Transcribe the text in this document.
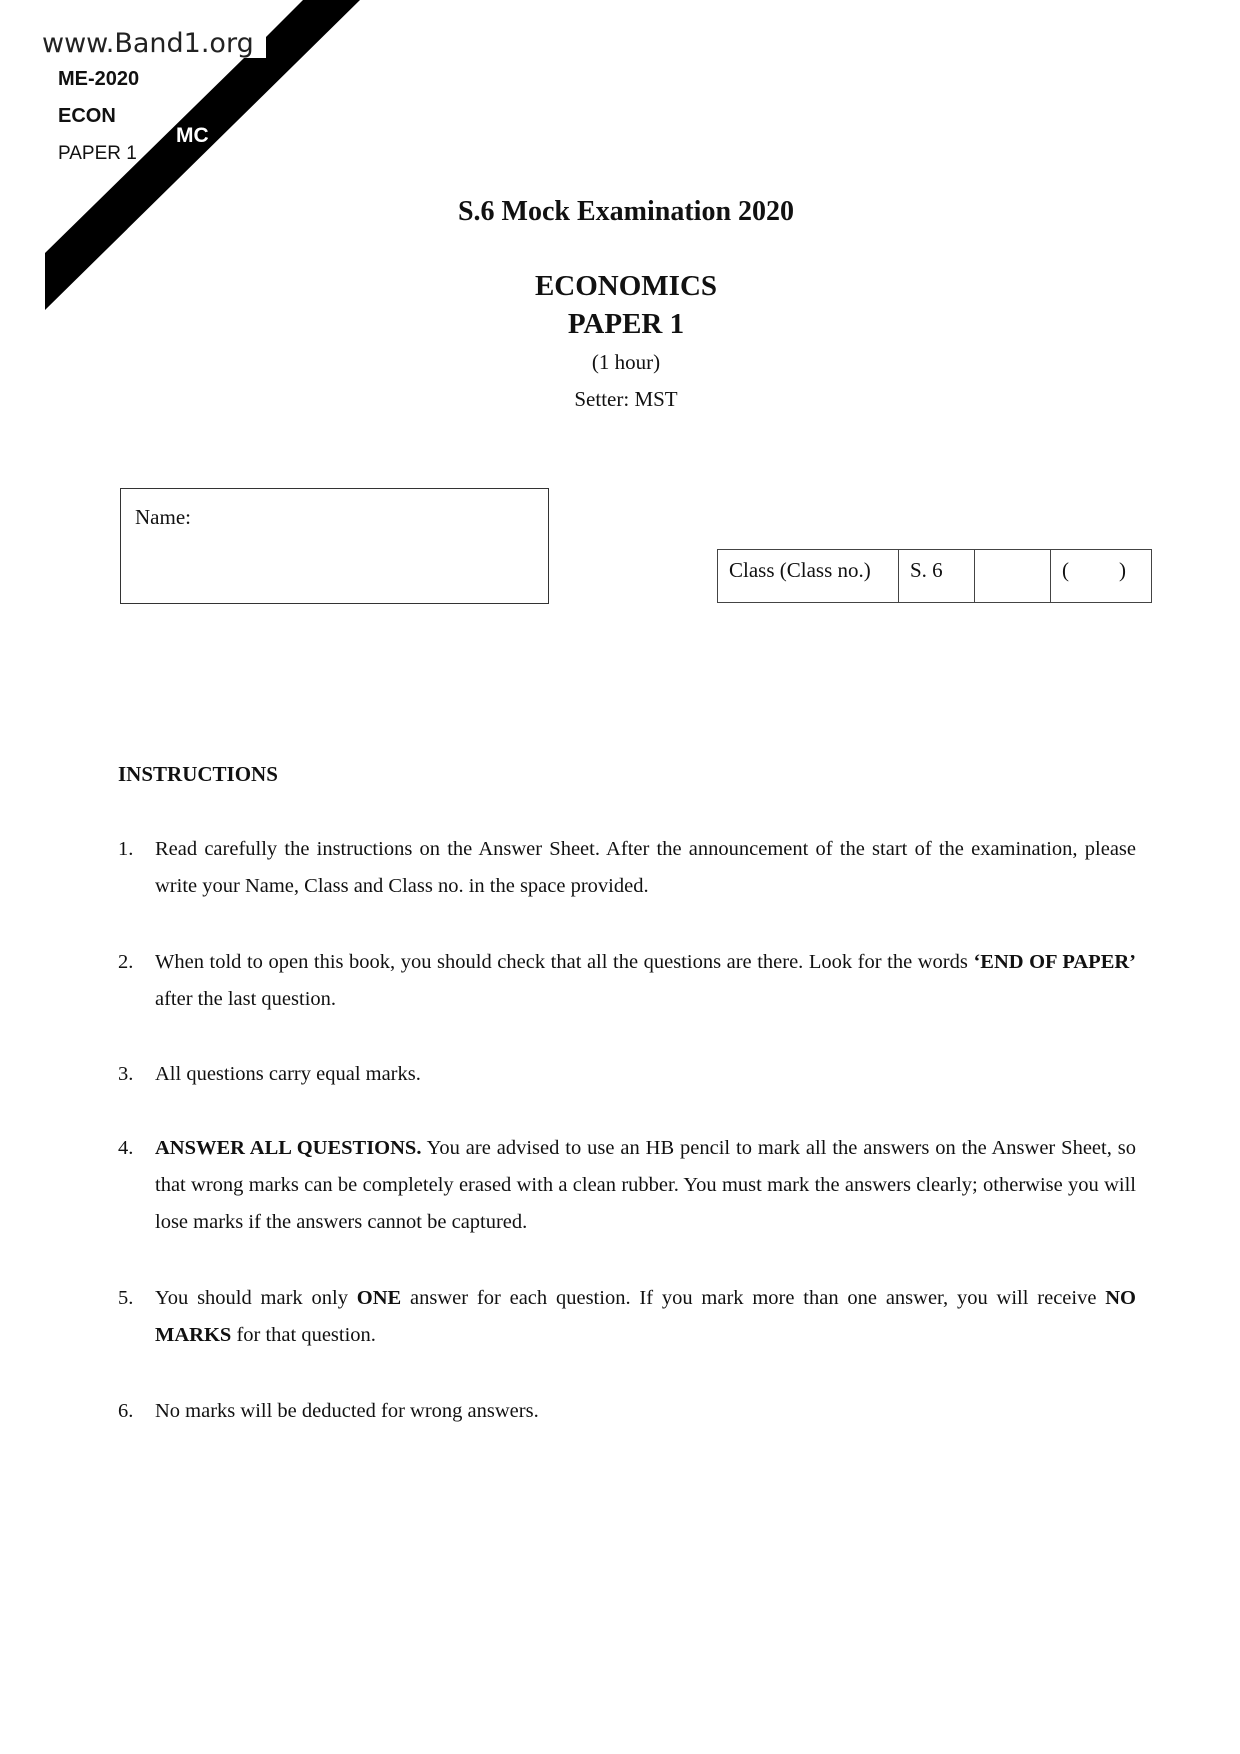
www.Band1.org
ME-2020
ECON
PAPER 1
MC
S.6 Mock Examination 2020
ECONOMICS
PAPER 1
(1 hour)
Setter: MST
Name:
Class (Class no.)	S. 6		( )
INSTRUCTIONS
1. Read carefully the instructions on the Answer Sheet. After the announcement of the start of the examination, please write your Name, Class and Class no. in the space provided.
2. When told to open this book, you should check that all the questions are there. Look for the words ‘END OF PAPER’ after the last question.
3. All questions carry equal marks.
4. ANSWER ALL QUESTIONS. You are advised to use an HB pencil to mark all the answers on the Answer Sheet, so that wrong marks can be completely erased with a clean rubber. You must mark the answers clearly; otherwise you will lose marks if the answers cannot be captured.
5. You should mark only ONE answer for each question. If you mark more than one answer, you will receive NO MARKS for that question.
6. No marks will be deducted for wrong answers.
